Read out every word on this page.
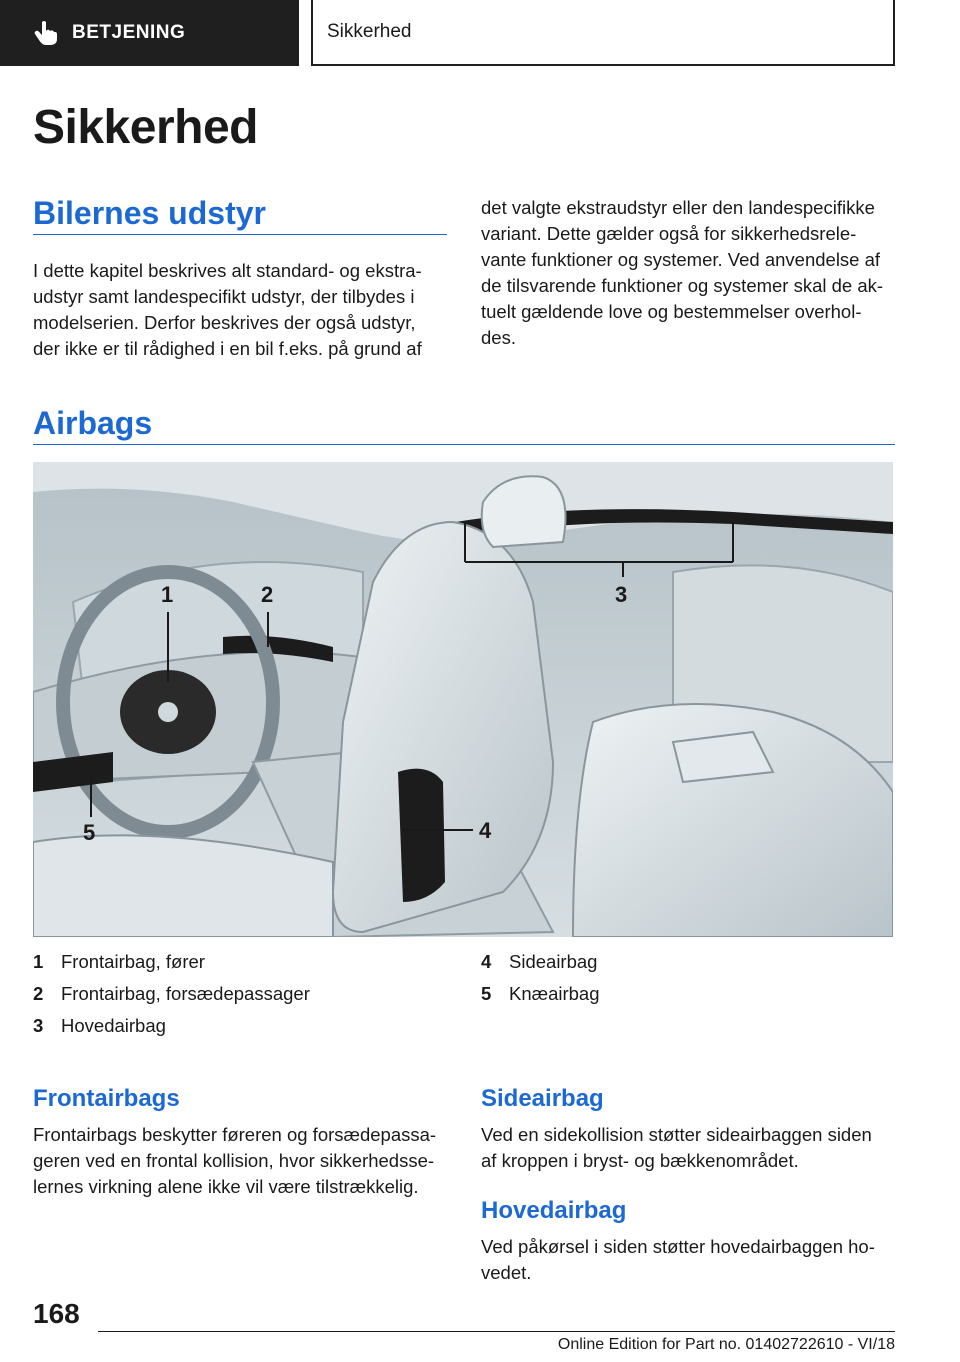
BETJENING	Sikkerhed
Sikkerhed
Bilernes udstyr
I dette kapitel beskrives alt standard- og ekstra-
udstyr samt landespecifikt udstyr, der tilbydes i
modelserien. Derfor beskrives der også udstyr,
der ikke er til rådighed i en bil f.eks. på grund af
det valgte ekstraudstyr eller den landespecifikke
variant. Dette gælder også for sikkerhedsrele-
vante funktioner og systemer. Ved anvendelse af
de tilsvarende funktioner og systemer skal de ak-
tuelt gældende love og bestemmelser overhol-
des.
Airbags
1	2	3
4
5
1 Frontairbag, fører
2 Frontairbag, forsædepassager
3 Hovedairbag
4 Sideairbag
5 Knæairbag
Frontairbags
Frontairbags beskytter føreren og forsædepassa-
geren ved en frontal kollision, hvor sikkerhedsse-
lernes virkning alene ikke vil være tilstrækkelig.
Sideairbag
Ved en sidekollision støtter sideairbaggen siden
af kroppen i bryst- og bækkenområdet.
Hovedairbag
Ved påkørsel i siden støtter hovedairbaggen ho-
vedet.
168
Online Edition for Part no. 01402722610 - VI/18
